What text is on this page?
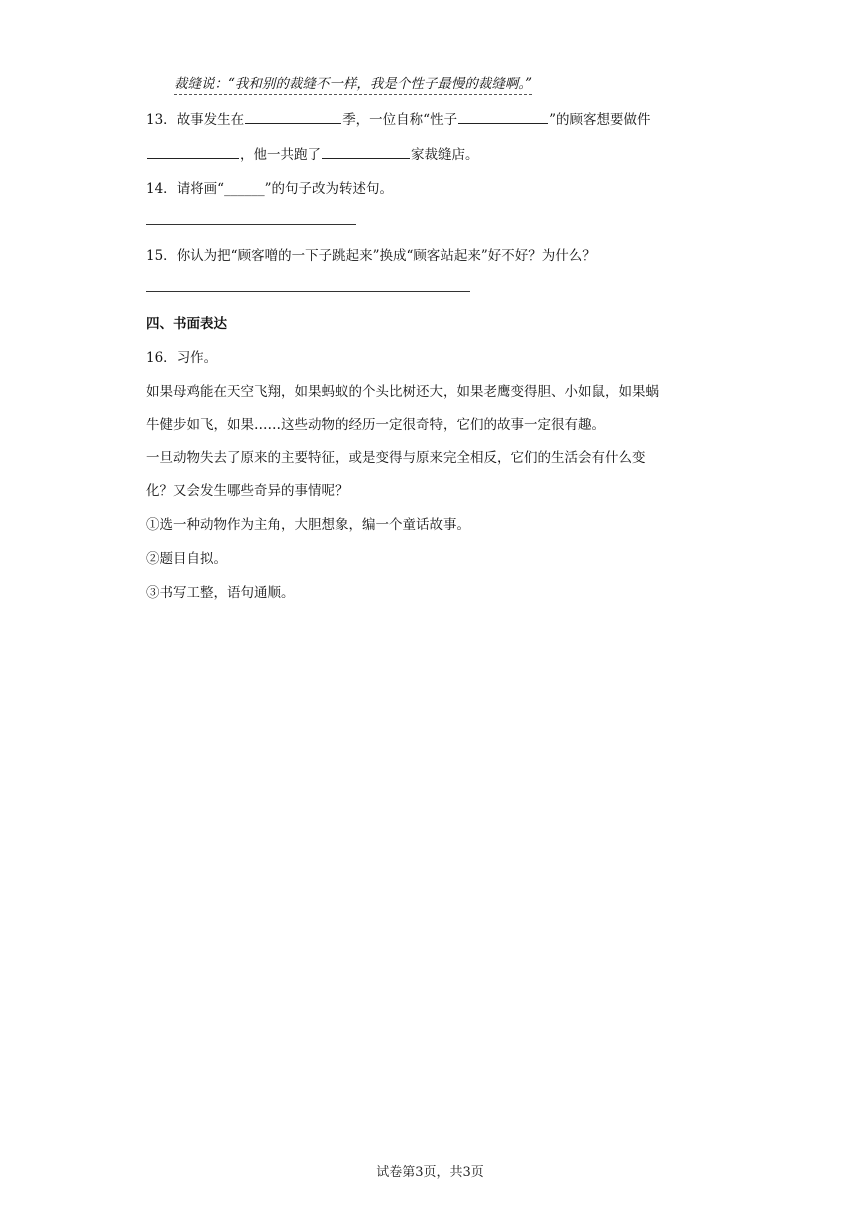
裁缝说：“我和别的裁缝不一样，我是个性子最慢的裁缝啊。”
13．故事发生在	季，一位自称“性子	”的顾客想要做件
，他一共跑了	家裁缝店。
14．请将画“______”的句子改为转述句。
15．你认为把“顾客噌的一下子跳起来”换成“顾客站起来”好不好？为什么？
四、书面表达
16．习作。
如果母鸡能在天空飞翔，如果蚂蚁的个头比树还大，如果老鹰变得胆、小如鼠，如果蜗
牛健步如飞，如果……这些动物的经历一定很奇特，它们的故事一定很有趣。
一旦动物失去了原来的主要特征，或是变得与原来完全相反，它们的生活会有什么变
化？又会发生哪些奇异的事情呢？
①选一种动物作为主角，大胆想象，编一个童话故事。
②题目自拟。
③书写工整，语句通顺。
试卷第3页，共3页
